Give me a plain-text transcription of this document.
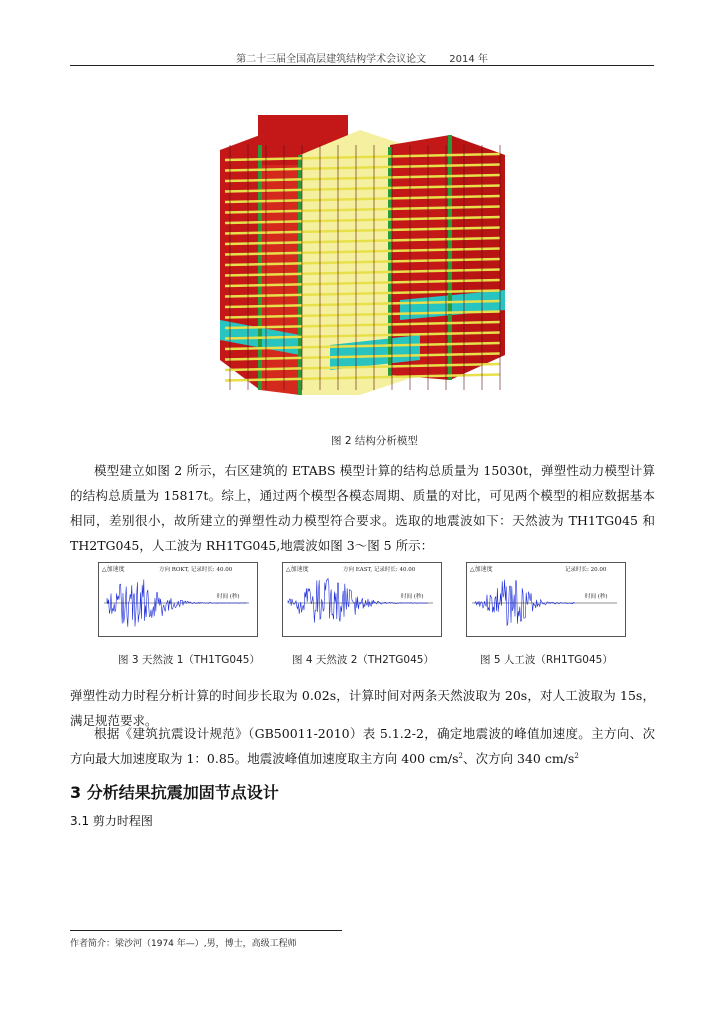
第二十三届全国高层建筑结构学术会议论文 2014 年
图 2 结构分析模型
模型建立如图 2 所示，右区建筑的 ETABS 模型计算的结构总质量为 15030t，弹塑性动力模型计算的结构总质量为 15817t。综上，通过两个模型各模态周期、质量的对比，可见两个模型的相应数据基本相同，差别很小，故所建立的弹塑性动力模型符合要求。选取的地震波如下：天然波为 TH1TG045 和 TH2TG045，人工波为 RH1TG045,地震波如图 3～图 5 所示：
△加速度	方向 ROKT, 记录时长: 40.00
时间 (秒)
△加速度	方向 EAST, 记录时长: 40.00
时间 (秒)
△加速度	记录时长: 20.00
时间 (秒)
图 3 天然波 1（TH1TG045）	图 4 天然波 2（TH2TG045）	图 5 人工波（RH1TG045）
弹塑性动力时程分析计算的时间步长取为 0.02s，计算时间对两条天然波取为 20s，对人工波取为 15s，满足规范要求。
根据《建筑抗震设计规范》（GB50011-2010）表 5.1.2-2，确定地震波的峰值加速度。主方向、次方向最大加速度取为 1：0.85。地震波峰值加速度取主方向 400 $cm/s^2$、次方向 340 $cm/s^2$
3 分析结果抗震加固节点设计
3.1 剪力时程图
作者简介：梁沙河（1974 年—）,男，博士，高级工程师
